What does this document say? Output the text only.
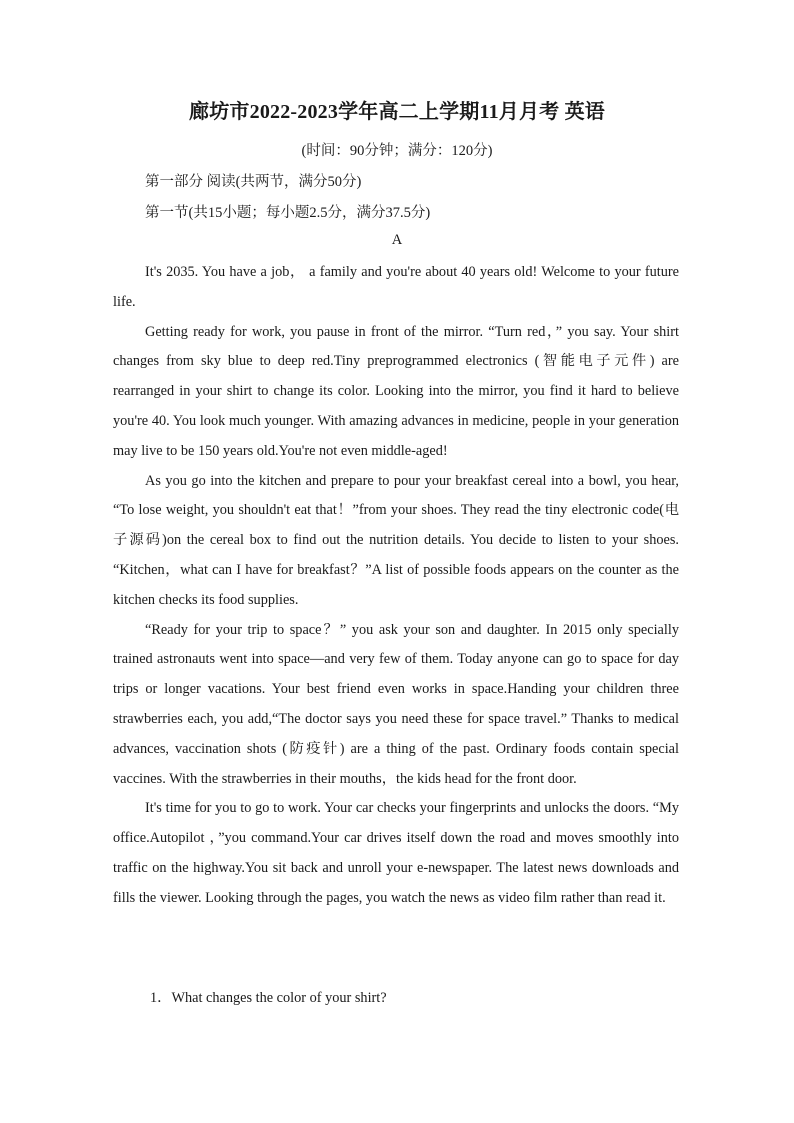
廊坊市2022-2023学年高二上学期11月月考 英语
(时间：90分钟；满分：120分)
第一部分 阅读(共两节，满分50分)
第一节(共15小题；每小题2.5分，满分37.5分)
A

It's 2035. You have a job， a family and you're about 40 years old! Welcome to your future life.

Getting ready for work, you pause in front of the mirror. “Turn red，” you say. Your shirt changes from sky blue to deep red.Tiny preprogrammed electronics (智能电子元件) are rearranged in your shirt to change its color. Looking into the mirror, you find it hard to believe you're 40. You look much younger. With amazing advances in medicine, people in your generation may live to be 150 years old.You're not even middle-aged!

As you go into the kitchen and prepare to pour your breakfast cereal into a bowl, you hear, “To lose weight, you shouldn't eat that！”from your shoes. They read the tiny electronic code(电子源码)on the cereal box to find out the nutrition details. You decide to listen to your shoes. “Kitchen，what can I have for breakfast？”A list of possible foods appears on the counter as the kitchen checks its food supplies.

“Ready for your trip to space？” you ask your son and daughter. In 2015 only specially trained astronauts went into space—and very few of them. Today anyone can go to space for day trips or longer vacations. Your best friend even works in space.Handing your children three strawberries each, you add,“The doctor says you need these for space travel.” Thanks to medical advances, vaccination shots (防疫针) are a thing of the past. Ordinary foods contain special vaccines. With the strawberries in their mouths，the kids head for the front door.

It's time for you to go to work. Your car checks your fingerprints and unlocks the doors. “My office.Autopilot ，”you command.Your car drives itself down the road and moves smoothly into traffic on the highway.You sit back and unroll your e-newspaper. The latest news downloads and fills the viewer. Looking through the pages, you watch the news as video film rather than read it.

1．What changes the color of your shirt?
